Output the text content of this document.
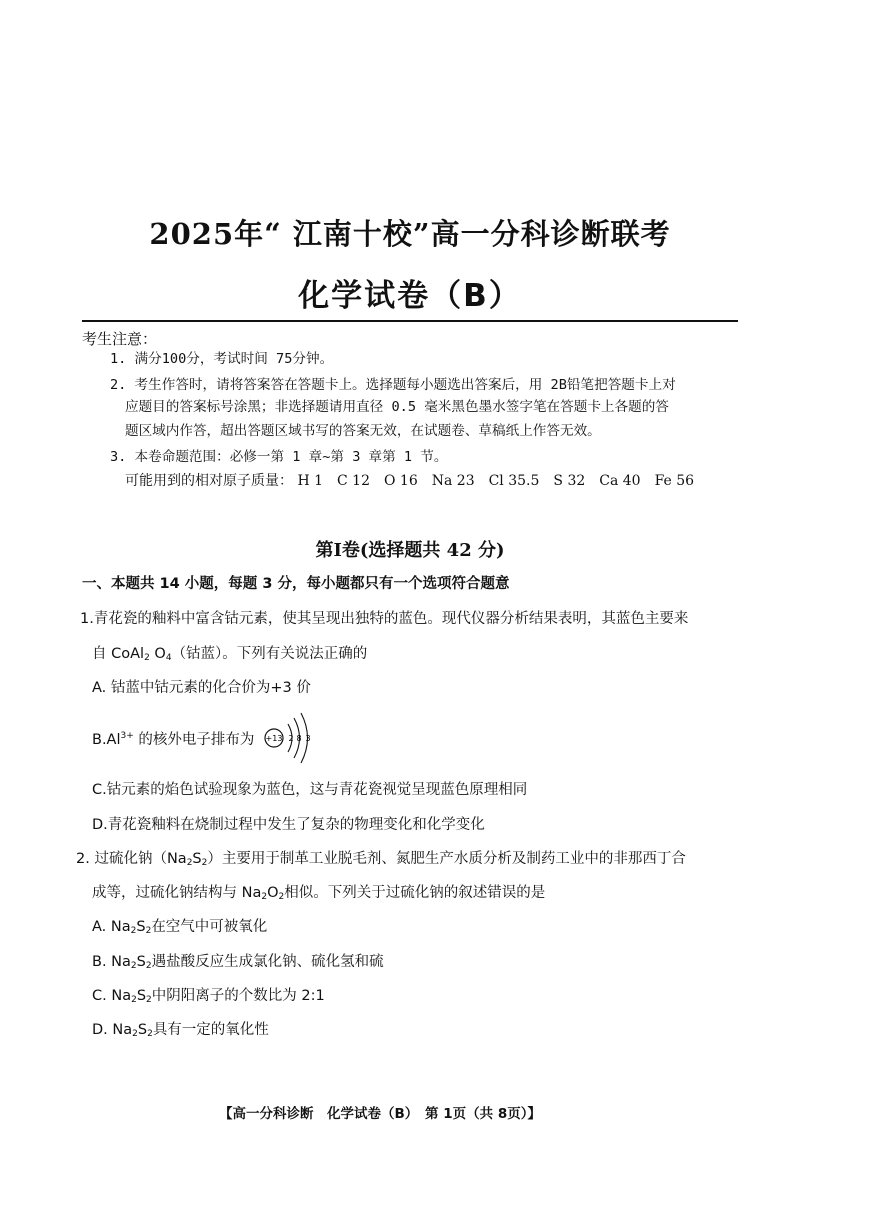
2025年“ 江南十校”高一分科诊断联考
化学试卷（B）
考生注意：
1. 满分100分，考试时间 75分钟。
2. 考生作答时，请将答案答在答题卡上。选择题每小题选出答案后，用 2B铅笔把答题卡上对
应题目的答案标号涂黑；非选择题请用直径 0.5 毫米黑色墨水签字笔在答题卡上各题的答
题区域内作答，超出答题区域书写的答案无效，在试题卷、草稿纸上作答无效。
3. 本卷命题范围：必修一第 1 章~第 3 章第 1 节。
可能用到的相对原子质量： H 1　C 12　O 16　Na 23　Cl 35.5　S 32　Ca 40　Fe 56
第Ⅰ卷(选择题共 42 分)
一、本题共 14 小题，每题 3 分，每小题都只有一个选项符合题意
1.青花瓷的釉料中富含钴元素，使其呈现出独特的蓝色。现代仪器分析结果表明，其蓝色主要来
自 CoAl$_2$ $O_4$（钴蓝）。下列有关说法正确的
A. 钴蓝中钴元素的化合价为+3 价
$B.Al^{3+}$ 的核外电子排布为 +13 2 8 3
C.钴元素的焰色试验现象为蓝色，这与青花瓷视觉呈现蓝色原理相同
D.青花瓷釉料在烧制过程中发生了复杂的物理变化和化学变化
2. 过硫化钠$(Na_2S_2)$主要用于制革工业脱毛剂、氮肥生产水质分析及制药工业中的非那西丁合
成等，过硫化钠结构与 $Na_2O_2$相似。下列关于过硫化钠的叙述错误的是
A. $Na_2S_2$在空气中可被氧化
B. $Na_2S_2$遇盐酸反应生成氯化钠、硫化氢和硫
C. $Na_2S_2$中阴阳离子的个数比为 2:1
D. $Na_2S_2$具有一定的氧化性
【高一分科诊断　化学试卷（B）　第 1页（共 8页）】
